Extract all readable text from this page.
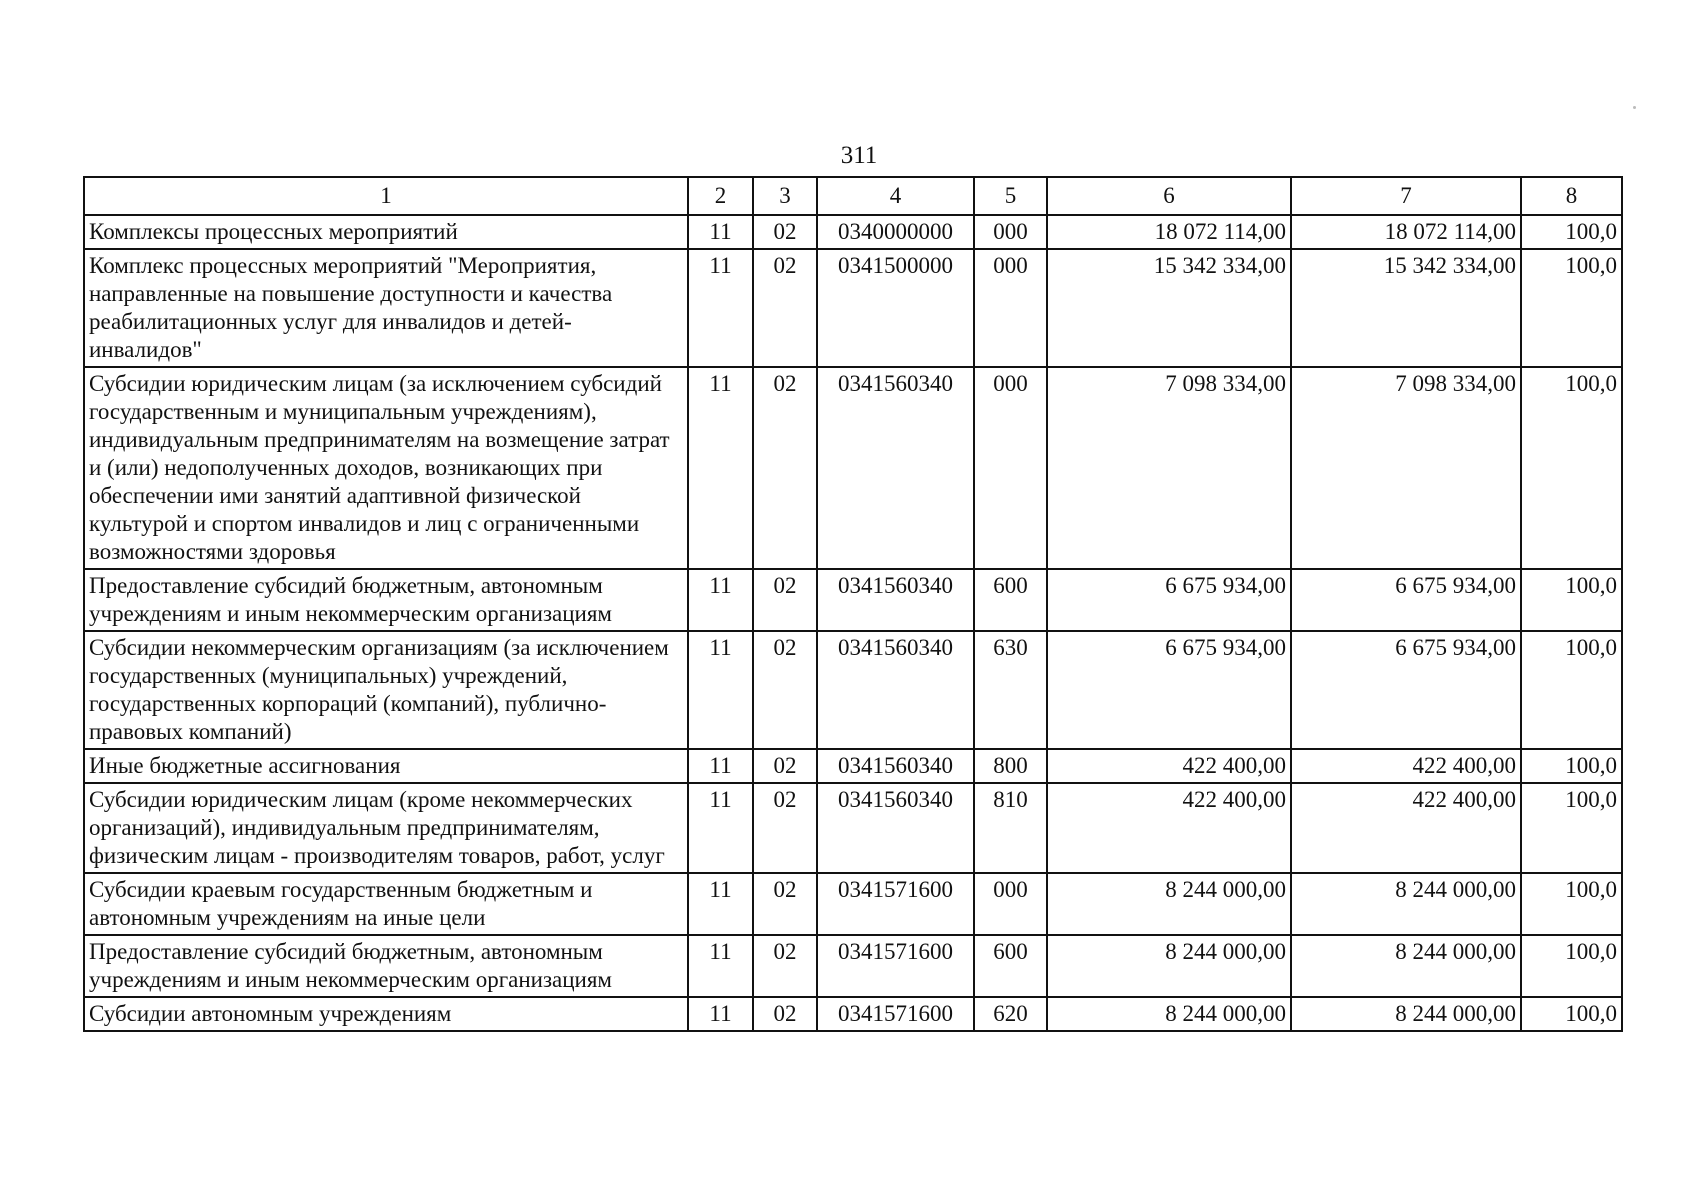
311
1	2	3	4	5	6	7	8
Комплексы процессных мероприятий	11	02	0340000000	000	18 072 114,00	18 072 114,00	100,0
Комплекс процессных мероприятий "Мероприятия, направленные на повышение доступности и качества реабилитационных услуг для инвалидов и детей-инвалидов"	11	02	0341500000	000	15 342 334,00	15 342 334,00	100,0
Субсидии юридическим лицам (за исключением субсидий государственным и муниципальным учреждениям), индивидуальным предпринимателям на возмещение затрат и (или) недополученных доходов, возникающих при обеспечении ими занятий адаптивной физической культурой и спортом инвалидов и лиц с ограниченными возможностями здоровья	11	02	0341560340	000	7 098 334,00	7 098 334,00	100,0
Предоставление субсидий бюджетным, автономным учреждениям и иным некоммерческим организациям	11	02	0341560340	600	6 675 934,00	6 675 934,00	100,0
Субсидии некоммерческим организациям (за исключением государственных (муниципальных) учреждений, государственных корпораций (компаний), публично-правовых компаний)	11	02	0341560340	630	6 675 934,00	6 675 934,00	100,0
Иные бюджетные ассигнования	11	02	0341560340	800	422 400,00	422 400,00	100,0
Субсидии юридическим лицам (кроме некоммерческих организаций), индивидуальным предпринимателям, физическим лицам - производителям товаров, работ, услуг	11	02	0341560340	810	422 400,00	422 400,00	100,0
Субсидии краевым государственным бюджетным и автономным учреждениям на иные цели	11	02	0341571600	000	8 244 000,00	8 244 000,00	100,0
Предоставление субсидий бюджетным, автономным учреждениям и иным некоммерческим организациям	11	02	0341571600	600	8 244 000,00	8 244 000,00	100,0
Субсидии автономным учреждениям	11	02	0341571600	620	8 244 000,00	8 244 000,00	100,0
